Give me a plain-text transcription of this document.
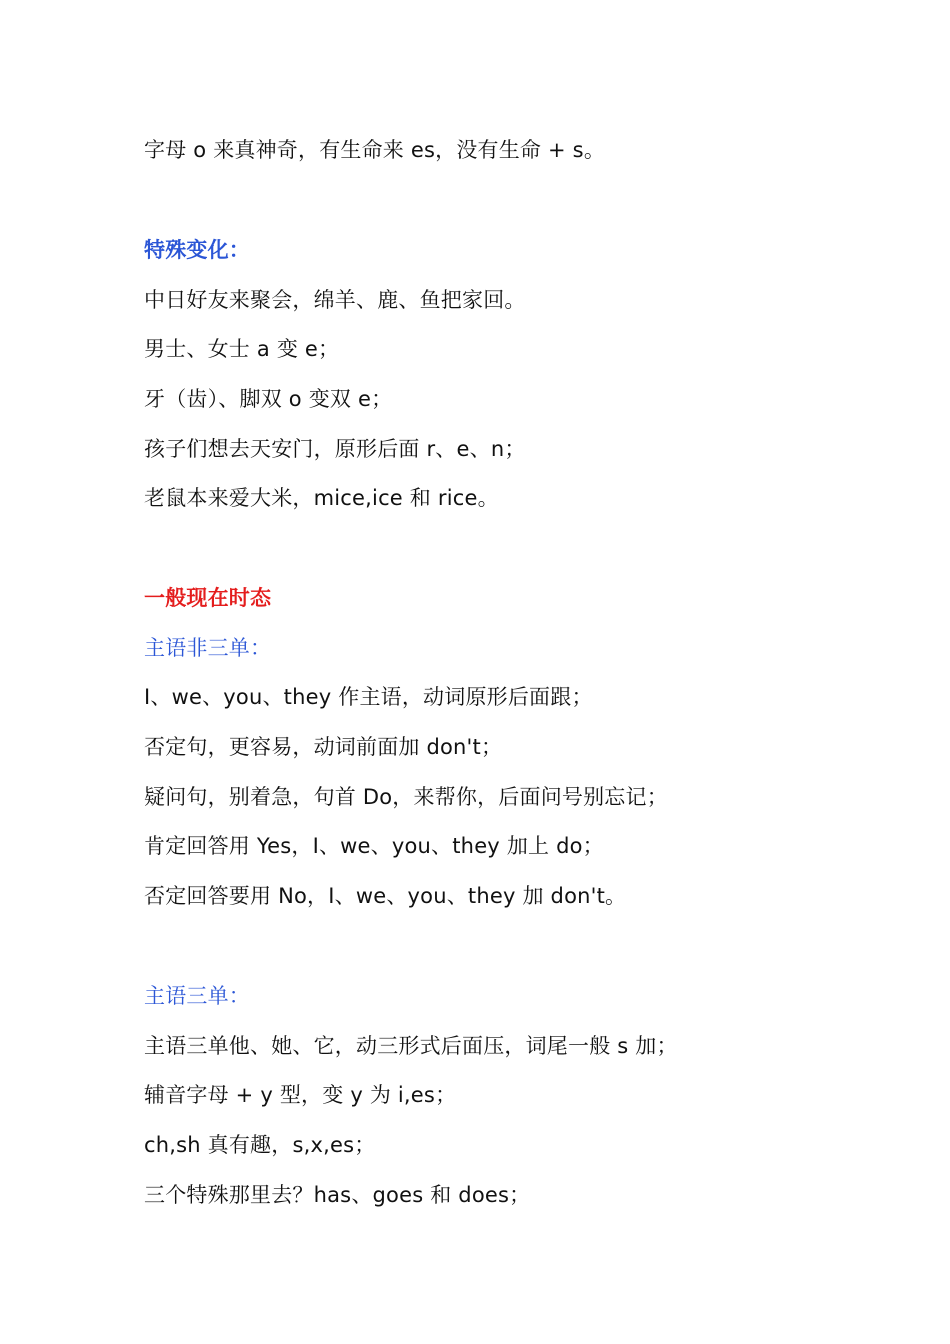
字母 o 来真神奇，有生命来 es，没有生命 + s。
特殊变化：
中日好友来聚会，绵羊、鹿、鱼把家回。
男士、女士 a 变 e；
牙（齿）、脚双 o 变双 e；
孩子们想去天安门，原形后面 r、e、n；
老鼠本来爱大米，mice,ice 和 rice。
一般现在时态
主语非三单：
I、we、you、they 作主语，动词原形后面跟；
否定句，更容易，动词前面加 don't；
疑问句，别着急，句首 Do，来帮你，后面问号别忘记；
肯定回答用 Yes，I、we、you、they 加上 do；
否定回答要用 No，I、we、you、they 加 don't。
主语三单：
主语三单他、她、它，动三形式后面压，词尾一般 s 加；
辅音字母 + y 型，变 y 为 i,es；
ch,sh 真有趣，s,x,es；
三个特殊那里去？has、goes 和 does；
